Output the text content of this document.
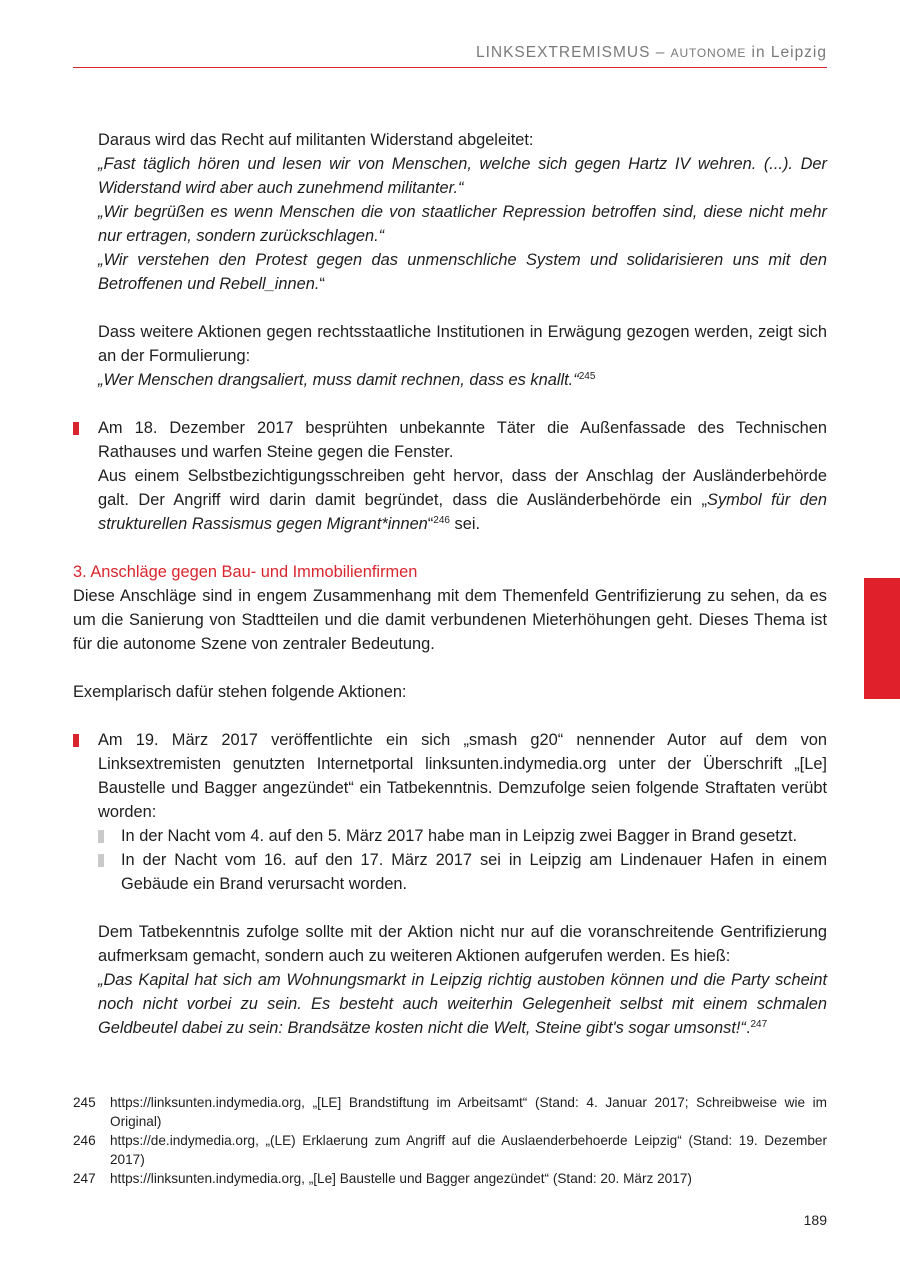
LINKSEXTREMISMUS – AUTONOME in Leipzig

Daraus wird das Recht auf militanten Widerstand abgeleitet:

„Fast täglich hören und lesen wir von Menschen, welche sich gegen Hartz IV wehren. (...). Der Widerstand wird aber auch zunehmend militanter.“

„Wir begrüßen es wenn Menschen die von staatlicher Repression betroffen sind, diese nicht mehr nur ertragen, sondern zurückschlagen.“

„Wir verstehen den Protest gegen das unmenschliche System und solidarisieren uns mit den Betroffenen und Rebell_innen.“

Dass weitere Aktionen gegen rechtsstaatliche Institutionen in Erwägung gezogen werden, zeigt sich an der Formulierung:

„Wer Menschen drangsaliert, muss damit rechnen, dass es knallt.“$^{245}$

Am 18. Dezember 2017 besprühten unbekannte Täter die Außenfassade des Technischen Rathauses und warfen Steine gegen die Fenster.

Aus einem Selbstbezichtigungsschreiben geht hervor, dass der Anschlag der Ausländerbehörde galt. Der Angriff wird darin damit begründet, dass die Ausländerbehörde ein „Symbol für den strukturellen Rassismus gegen Migrant*innen“$^{246}$ sei.

3. Anschläge gegen Bau- und Immobilienfirmen

Diese Anschläge sind in engem Zusammenhang mit dem Themenfeld Gentrifizierung zu sehen, da es um die Sanierung von Stadtteilen und die damit verbundenen Mieterhöhungen geht. Dieses Thema ist für die autonome Szene von zentraler Bedeutung.

Exemplarisch dafür stehen folgende Aktionen:

Am 19. März 2017 veröffentlichte ein sich „smash g20“ nennender Autor auf dem von Linksextremisten genutzten Internetportal linksunten.indymedia.org unter der Überschrift „[Le] Baustelle und Bagger angezündet“ ein Tatbekenntnis. Demzufolge seien folgende Straftaten verübt worden:

In der Nacht vom 4. auf den 5. März 2017 habe man in Leipzig zwei Bagger in Brand gesetzt.

In der Nacht vom 16. auf den 17. März 2017 sei in Leipzig am Lindenauer Hafen in einem Gebäude ein Brand verursacht worden.

Dem Tatbekenntnis zufolge sollte mit der Aktion nicht nur auf die voranschreitende Gentrifizierung aufmerksam gemacht, sondern auch zu weiteren Aktionen aufgerufen werden. Es hieß:

„Das Kapital hat sich am Wohnungsmarkt in Leipzig richtig austoben können und die Party scheint noch nicht vorbei zu sein. Es besteht auch weiterhin Gelegenheit selbst mit einem schmalen Geldbeutel dabei zu sein: Brandsätze kosten nicht die Welt, Steine gibt's sogar umsonst!“.$^{247}$

245 https://linksunten.indymedia.org, „[LE] Brandstiftung im Arbeitsamt“ (Stand: 4. Januar 2017; Schreibweise wie im Original)
246 https://de.indymedia.org, „(LE) Erklaerung zum Angriff auf die Auslaenderbehoerde Leipzig“ (Stand: 19. Dezember 2017)
247 https://linksunten.indymedia.org, „[Le] Baustelle und Bagger angezündet“ (Stand: 20. März 2017)
189
